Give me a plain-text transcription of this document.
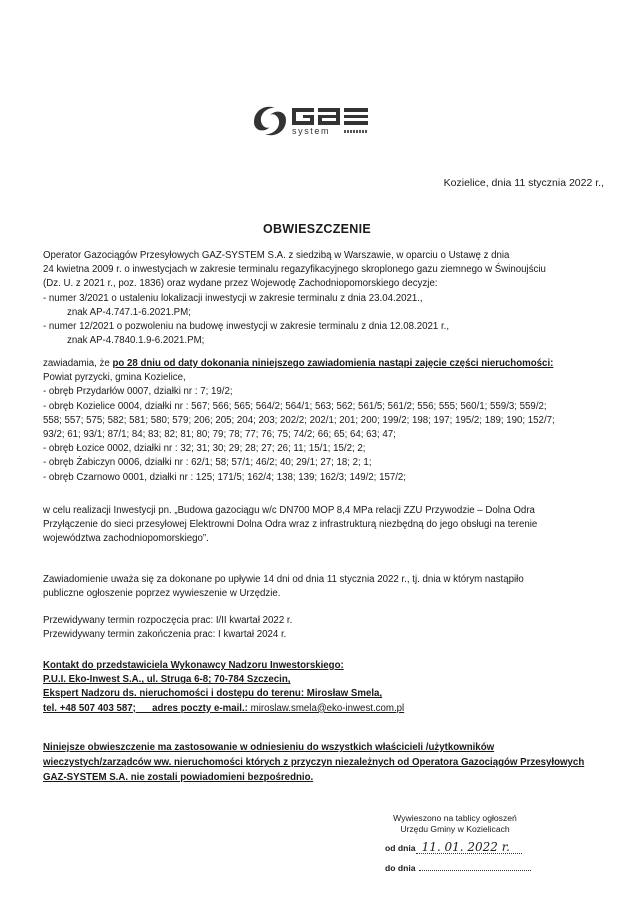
system
Kozielice, dnia 11 stycznia 2022 r.,
OBWIESZCZENIE

Operator Gazociągów Przesyłowych GAZ-SYSTEM S.A. z siedzibą w Warszawie, w oparciu o Ustawę z dnia

24 kwietna 2009 r. o inwestycjach w zakresie terminalu regazyfikacyjnego skroplonego gazu ziemnego w Świnoujściu

(Dz. U. z 2021 r., poz. 1836) oraz wydane przez Wojewodę Zachodniopomorskiego decyzje:

- numer 3/2021 o ustaleniu lokalizacji inwestycji w zakresie terminalu z dnia 23.04.2021.,

znak AP-4.747.1-6.2021.PM;

- numer 12/2021 o pozwoleniu na budowę inwestycji w zakresie terminalu z dnia 12.08.2021 r.,

znak AP-4.7840.1.9-6.2021.PM;

zawiadamia, że po 28 dniu od daty dokonania niniejszego zawiadomienia nastąpi zajęcie części nieruchomości:

Powiat pyrzycki, gmina Kozielice,

- obręb Przydarłów 0007, działki nr : 7; 19/2;

- obręb Kozielice 0004, działki nr : 567; 566; 565; 564/2; 564/1; 563; 562; 561/5; 561/2; 556; 555; 560/1; 559/3; 559/2;

558; 557; 575; 582; 581; 580; 579; 206; 205; 204; 203; 202/2; 202/1; 201; 200; 199/2; 198; 197; 195/2; 189; 190; 152/7;

93/2; 61; 93/1; 87/1; 84; 83; 82; 81; 80; 79; 78; 77; 76; 75; 74/2; 66; 65; 64; 63; 47;

- obręb Łozice 0002, działki nr : 32; 31; 30; 29; 28; 27; 26; 11; 15/1; 15/2; 2;

- obręb Żabiczyn 0006, działki nr : 62/1; 58; 57/1; 46/2; 40; 29/1; 27; 18; 2; 1;

- obręb Czarnowo 0001, działki nr : 125; 171/5; 162/4; 138; 139; 162/3; 149/2; 157/2;

w celu realizacji Inwestycji pn. „Budowa gazociągu w/c DN700 MOP 8,4 MPa relacji ZZU Przywodzie – Dolna Odra

Przyłączenie do sieci przesyłowej Elektrowni Dolna Odra wraz z infrastrukturą niezbędną do jego obsługi na terenie

województwa zachodniopomorskiego”.

Zawiadomienie uważa się za dokonane po upływie 14 dni od dnia 11 stycznia 2022 r., tj. dnia w którym nastąpiło

publiczne ogłoszenie poprzez wywieszenie w Urzędzie.

Przewidywany termin rozpoczęcia prac: I/II kwartał 2022 r.

Przewidywany termin zakończenia prac: I kwartał 2024 r.

Kontakt do przedstawiciela Wykonawcy Nadzoru Inwestorskiego:

P.U.I. Eko-Inwest S.A., ul. Struga 6-8; 70-784 Szczecin,

Ekspert Nadzoru ds. nieruchomości i dostępu do terenu: Mirosław Smela,

tel. +48 507 403 587; adres poczty e-mail.: miroslaw.smela@eko-inwest.com.pl

Niniejsze obwieszczenie ma zastosowanie w odniesieniu do wszystkich właścicieli /użytkowników

wieczystych/zarządców ww. nieruchomości których z przyczyn niezależnych od Operatora Gazociągów Przesyłowych

GAZ-SYSTEM S.A. nie zostali powiadomieni bezpośrednio.

Wywieszono na tablicy ogłoszeń
Urzędu Gminy w Kozielicach
od dnia 11. 01. 2022 r.
do dnia
